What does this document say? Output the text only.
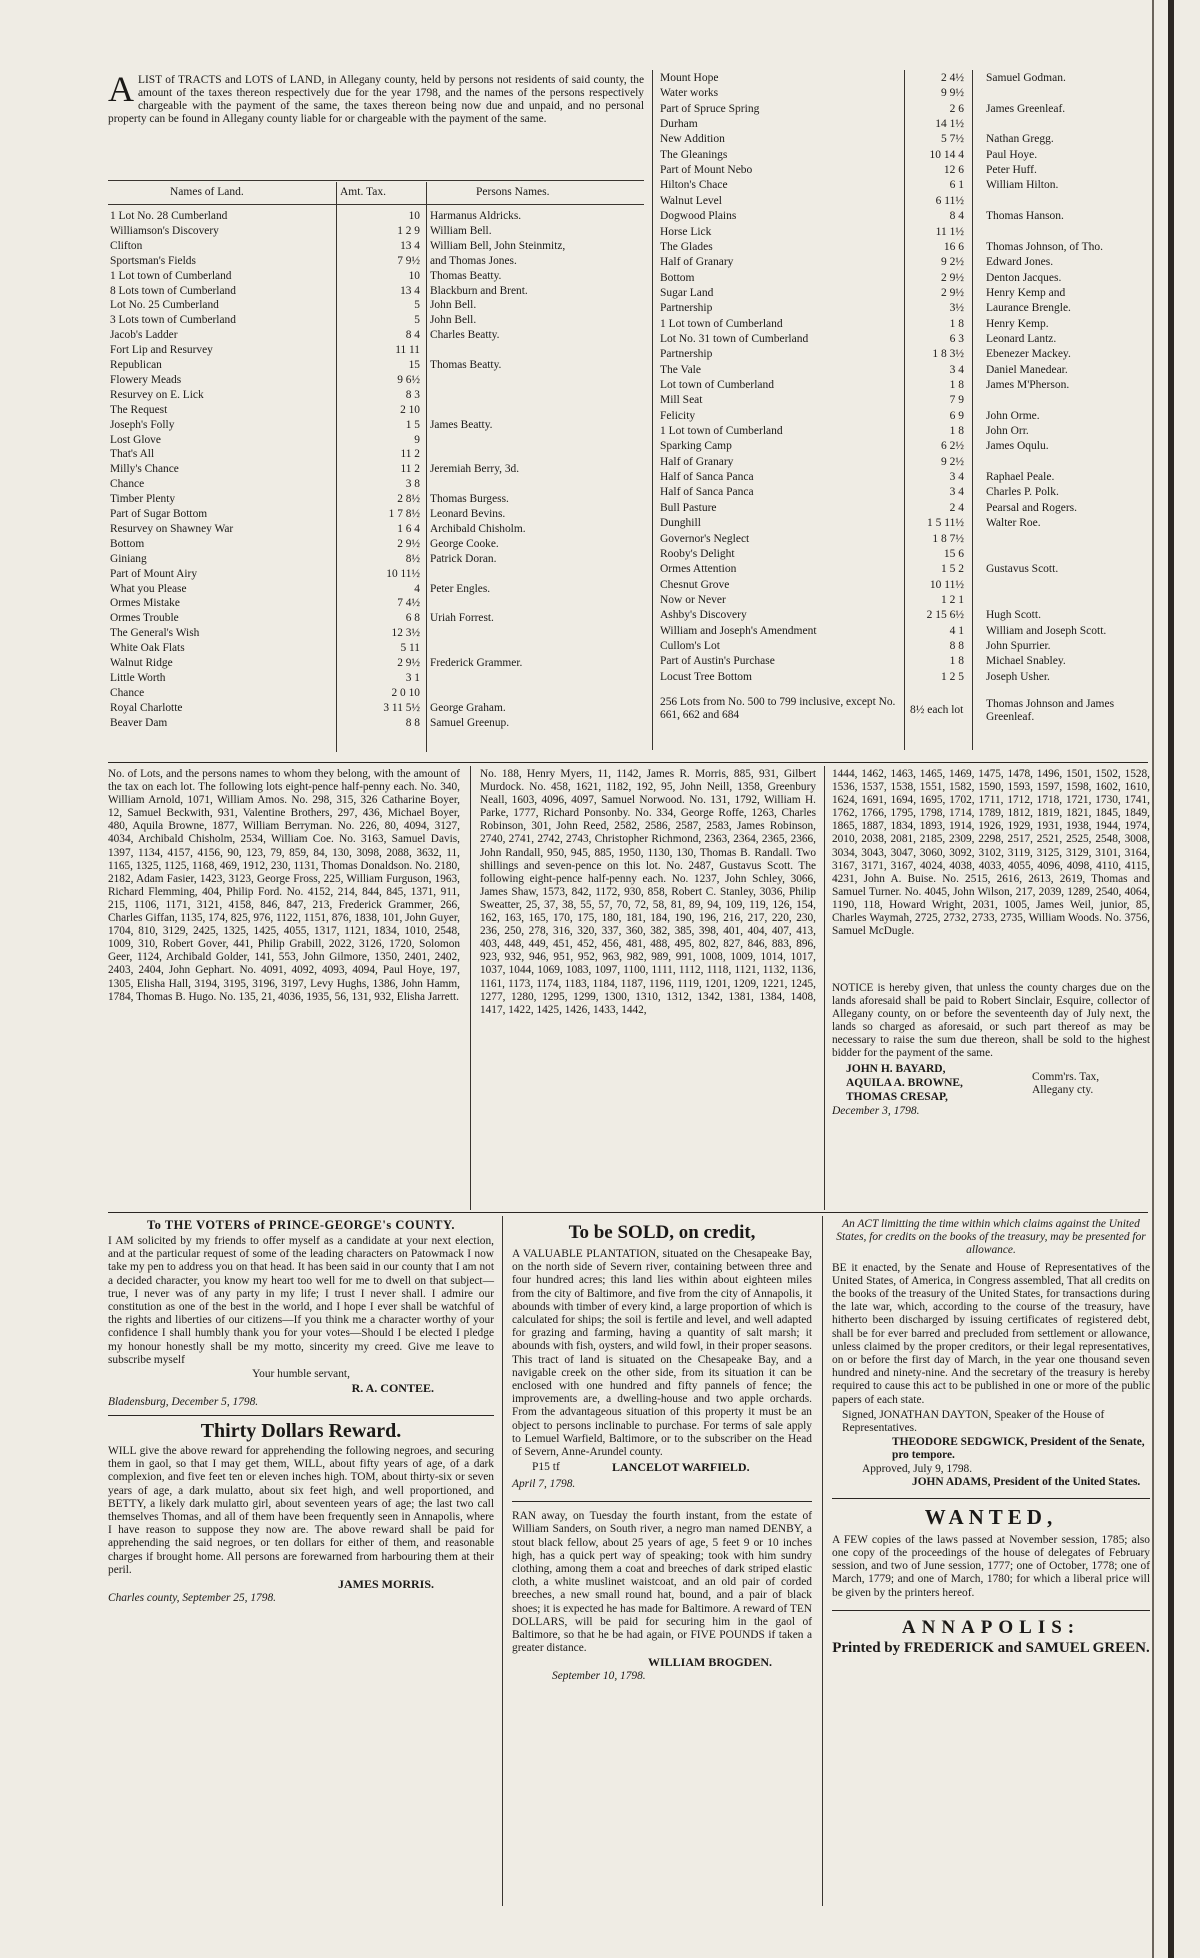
A LIST of TRACTS and LOTS of LAND, in Allegany county, held by persons not residents of said county, the amount of the taxes thereon respectively due for the year 1798, and the names of the persons respectively chargeable with the payment of the same, the taxes thereon being now due and unpaid, and no personal property can be found in Allegany county liable for or chargeable with the payment of the same.
Names of Land.	Amt. Tax.	Persons Names.
1 Lot No. 28 Cumberland	10 Harmanus Aldricks.
Williamson's Discovery	1 2 9 William Bell.
Clifton	13 4 William Bell, John Steinmitz,
Sportsman's Fields	7 9½ and Thomas Jones.
1 Lot town of Cumberland	10 Thomas Beatty.
8 Lots town of Cumberland	13 4 Blackburn and Brent.
Lot No. 25 Cumberland	5 John Bell.
3 Lots town of Cumberland	5 John Bell.
Jacob's Ladder	8 4 Charles Beatty.
Fort Lip and Resurvey	11 11
Republican	15 Thomas Beatty.
Flowery Meads	9 6½
Resurvey on E. Lick	8 3
The Request	2 10
Joseph's Folly	1 5 James Beatty.
Lost Glove	9
That's All	11 2
Milly's Chance	11 2 Jeremiah Berry, 3d.
Chance	3 8
Timber Plenty	2 8½ Thomas Burgess.
Part of Sugar Bottom	1 7 8½ Leonard Bevins.
Resurvey on Shawney War	1 6 4 Archibald Chisholm.
Bottom	2 9½ George Cooke.
Giniang	8½ Patrick Doran.
Part of Mount Airy	10 11½
What you Please	4 Peter Engles.
Ormes Mistake	7 4½
Ormes Trouble	6 8 Uriah Forrest.
The General's Wish	12 3½
White Oak Flats	5 11
Walnut Ridge	2 9½ Frederick Grammer.
Little Worth	3 1
Chance	2 0 10
Royal Charlotte	3 11 5½ George Graham.
Beaver Dam	8 8 Samuel Greenup.
Mount Hope	2 4½ Samuel Godman.
Water works	9 9½
Part of Spruce Spring	2 6 James Greenleaf.
Durham	14 1½
New Addition	5 7½ Nathan Gregg.
The Gleanings	10 14 4 Paul Hoye.
Part of Mount Nebo	12 6 Peter Huff.
Hilton's Chace	6 1 William Hilton.
Walnut Level	6 11½
Dogwood Plains	8 4 Thomas Hanson.
Horse Lick	11 1½
The Glades	16 6 Thomas Johnson, of Tho.
Half of Granary	9 2½ Edward Jones.
Bottom	2 9½ Denton Jacques.
Sugar Land	2 9½ Henry Kemp and
Partnership	3½ Laurance Brengle.
1 Lot town of Cumberland	1 8 Henry Kemp.
Lot No. 31 town of Cumberland	6 3 Leonard Lantz.
Partnership	1 8 3½ Ebenezer Mackey.
The Vale	3 4 Daniel Manedear.
Lot town of Cumberland	1 8 James M'Pherson.
Mill Seat	7 9
Felicity	6 9 John Orme.
1 Lot town of Cumberland	1 8 John Orr.
Sparking Camp	6 2½ James Oqulu.
Half of Granary	9 2½
Half of Sanca Panca	3 4 Raphael Peale.
Half of Sanca Panca	3 4 Charles P. Polk.
Bull Pasture	2 4 Pearsal and Rogers.
Dunghill	1 5 11½ Walter Roe.
Governor's Neglect	1 8 7½
Rooby's Delight	15 6
Ormes Attention	1 5 2 Gustavus Scott.
Chesnut Grove	10 11½
Now or Never	1 2 1
Ashby's Discovery	2 15 6½ Hugh Scott.
William and Joseph's Amendment	4 1 William and Joseph Scott.
Cullom's Lot	8 8 John Spurrier.
Part of Austin's Purchase	1 8 Michael Snabley.
Locust Tree Bottom	1 2 5 Joseph Usher.
256 Lots from No. 500 to 799 inclusive, except No. 661, 662 and 684	8½ each lot	Thomas Johnson and James Greenleaf.
No. of Lots, and the persons names to whom they belong, with the amount of the tax on each lot. The following lots eight-pence half-penny each. No. 340, William Arnold, 1071, William Amos. No. 298, 315, 326 Catharine Boyer, 12, Samuel Beckwith, 931, Valentine Brothers, 297, 436, Michael Boyer, 480, Aquila Browne, 1877, William Berryman. No. 226, 80, 4094, 3127, 4034, Archibald Chisholm, 2534, William Coe. No. 3163, Samuel Davis, 1397, 1134, 4157, 4156, 90, 123, 79, 859, 84, 130, 3098, 2088, 3632, 11, 1165, 1325, 1125, 1168, 469, 1912, 230, 1131, Thomas Donaldson. No. 2180, 2182, Adam Fasier, 1423, 3123, George Fross, 225, William Furguson, 1963, Richard Flemming, 404, Philip Ford. No. 4152, 214, 844, 845, 1371, 911, 215, 1106, 1171, 3121, 4158, 846, 847, 213, Frederick Grammer, 266, Charles Giffan, 1135, 174, 825, 976, 1122, 1151, 876, 1838, 101, John Guyer, 1704, 810, 3129, 2425, 1325, 1425, 4055, 1317, 1121, 1834, 1010, 2548, 1009, 310, Robert Gover, 441, Philip Grabill, 2022, 3126, 1720, Solomon Geer, 1124, Archibald Golder, 141, 553, John Gilmore, 1350, 2401, 2402, 2403, 2404, John Gephart. No. 4091, 4092, 4093, 4094, Paul Hoye, 197, 1305, Elisha Hall, 3194, 3195, 3196, 3197, Levy Hughs, 1386, John Hamm, 1784, Thomas B. Hugo. No. 135, 21, 4036, 1935, 56, 131, 932, Elisha Jarrett.
No. 188, Henry Myers, 11, 1142, James R. Morris, 885, 931, Gilbert Murdock. No. 458, 1621, 1182, 192, 95, John Neill, 1358, Greenbury Neall, 1603, 4096, 4097, Samuel Norwood. No. 131, 1792, William H. Parke, 1777, Richard Ponsonby. No. 334, George Roffe, 1263, Charles Robinson, 301, John Reed, 2582, 2586, 2587, 2583, James Robinson, 2740, 2741, 2742, 2743, Christopher Richmond, 2363, 2364, 2365, 2366, John Randall, 950, 945, 885, 1950, 1130, 130, Thomas B. Randall. Two shillings and seven-pence on this lot. No. 2487, Gustavus Scott. The following eight-pence half-penny each. No. 1237, John Schley, 3066, James Shaw, 1573, 842, 1172, 930, 858, Robert C. Stanley, 3036, Philip Sweatter, 25, 37, 38, 55, 57, 70, 72, 58, 81, 89, 94, 109, 119, 126, 154, 162, 163, 165, 170, 175, 180, 181, 184, 190, 196, 216, 217, 220, 230, 236, 250, 278, 316, 320, 337, 360, 382, 385, 398, 401, 404, 407, 413, 403, 448, 449, 451, 452, 456, 481, 488, 495, 802, 827, 846, 883, 896, 923, 932, 946, 951, 952, 963, 982, 989, 991, 1008, 1009, 1014, 1017, 1037, 1044, 1069, 1083, 1097, 1100, 1111, 1112, 1118, 1121, 1132, 1136, 1161, 1173, 1174, 1183, 1184, 1187, 1196, 1119, 1201, 1209, 1221, 1245, 1277, 1280, 1295, 1299, 1300, 1310, 1312, 1342, 1381, 1384, 1408, 1417, 1422, 1425, 1426, 1433, 1442,
1444, 1462, 1463, 1465, 1469, 1475, 1478, 1496, 1501, 1502, 1528, 1536, 1537, 1538, 1551, 1582, 1590, 1593, 1597, 1598, 1602, 1610, 1624, 1691, 1694, 1695, 1702, 1711, 1712, 1718, 1721, 1730, 1741, 1762, 1766, 1795, 1798, 1714, 1789, 1812, 1819, 1821, 1845, 1849, 1865, 1887, 1834, 1893, 1914, 1926, 1929, 1931, 1938, 1944, 1974, 2010, 2038, 2081, 2185, 2309, 2298, 2517, 2521, 2525, 2548, 3008, 3034, 3043, 3047, 3060, 3092, 3102, 3119, 3125, 3129, 3101, 3164, 3167, 3171, 3167, 4024, 4038, 4033, 4055, 4096, 4098, 4110, 4115, 4231, John A. Buise. No. 2515, 2616, 2613, 2619, Thomas and Samuel Turner. No. 4045, John Wilson, 217, 2039, 1289, 2540, 4064, 1190, 118, Howard Wright, 2031, 1005, James Weil, junior, 85, Charles Waymah, 2725, 2732, 2733, 2735, William Woods. No. 3756, Samuel McDugle.
NOTICE is hereby given, that unless the county charges due on the lands aforesaid shall be paid to Robert Sinclair, Esquire, collector of Allegany county, on or before the seventeenth day of July next, the lands so charged as aforesaid, or such part thereof as may be necessary to raise the sum due thereon, shall be sold to the highest bidder for the payment of the same.
JOHN H. BAYARD,
AQUILA A. BROWNE,
THOMAS CRESAP,
Comm'rs. Tax, Allegany cty.
December 3, 1798.
To THE VOTERS of PRINCE-GEORGE's COUNTY.
I AM solicited by my friends to offer myself as a candidate at your next election, and at the particular request of some of the leading characters on Patowmack I now take my pen to address you on that head. It has been said in our county that I am not a decided character, you know my heart too well for me to dwell on that subject—true, I never was of any party in my life; I trust I never shall. I admire our constitution as one of the best in the world, and I hope I ever shall be watchful of the rights and liberties of our citizens—If you think me a character worthy of your confidence I shall humbly thank you for your votes—Should I be elected I pledge my honour honestly shall be my motto, sincerity my creed. Give me leave to subscribe myself
Your humble servant,
R. A. CONTEE.
Bladensburg, December 5, 1798.
Thirty Dollars Reward.
WILL give the above reward for apprehending the following negroes, and securing them in gaol, so that I may get them, WILL, about fifty years of age, of a dark complexion, and five feet ten or eleven inches high. TOM, about thirty-six or seven years of age, a dark mulatto, about six feet high, and well proportioned, and BETTY, a likely dark mulatto girl, about seventeen years of age; the last two call themselves Thomas, and all of them have been frequently seen in Annapolis, where I have reason to suppose they now are. The above reward shall be paid for apprehending the said negroes, or ten dollars for either of them, and reasonable charges if brought home. All persons are forewarned from harbouring them at their peril.
JAMES MORRIS.
Charles county, September 25, 1798.
To be SOLD, on credit,
A VALUABLE PLANTATION, situated on the Chesapeake Bay, on the north side of Severn river, containing between three and four hundred acres; this land lies within about eighteen miles from the city of Baltimore, and five from the city of Annapolis, it abounds with timber of every kind, a large proportion of which is calculated for ships; the soil is fertile and level, and well adapted for grazing and farming, having a quantity of salt marsh; it abounds with fish, oysters, and wild fowl, in their proper seasons. This tract of land is situated on the Chesapeake Bay, and a navigable creek on the other side, from its situation it can be enclosed with one hundred and fifty pannels of fence; the improvements are, a dwelling-house and two apple orchards. From the advantageous situation of this property it must be an object to persons inclinable to purchase. For terms of sale apply to Lemuel Warfield, Baltimore, or to the subscriber on the Head of Severn, Anne-Arundel county.
P15 tf	LANCELOT WARFIELD.
April 7, 1798.
RAN away, on Tuesday the fourth instant, from the estate of William Sanders, on South river, a negro man named DENBY, a stout black fellow, about 25 years of age, 5 feet 9 or 10 inches high, has a quick pert way of speaking; took with him sundry clothing, among them a coat and breeches of dark striped elastic cloth, a white muslinet waistcoat, and an old pair of corded breeches, a new small round hat, bound, and a pair of black shoes; it is expected he has made for Baltimore. A reward of TEN DOLLARS, will be paid for securing him in the gaol of Baltimore, so that he be had again, or FIVE POUNDS if taken a greater distance.
WILLIAM BROGDEN.
September 10, 1798.
An ACT limitting the time within which claims against the United States, for credits on the books of the treasury, may be presented for allowance.
BE it enacted, by the Senate and House of Representatives of the United States, of America, in Congress assembled, That all credits on the books of the treasury of the United States, for transactions during the late war, which, according to the course of the treasury, have hitherto been discharged by issuing certificates of registered debt, shall be for ever barred and precluded from settlement or allowance, unless claimed by the proper creditors, or their legal representatives, on or before the first day of March, in the year one thousand seven hundred and ninety-nine. And the secretary of the treasury is hereby required to cause this act to be published in one or more of the public papers of each state.
Signed, JONATHAN DAYTON, Speaker of the House of Representatives.
THEODORE SEDGWICK, President of the Senate, pro tempore.
Approved, July 9, 1798.
JOHN ADAMS, President of the United States.
WANTED,
A FEW copies of the laws passed at November session, 1785; also one copy of the proceedings of the house of delegates of February session, and two of June session, 1777; one of October, 1778; one of March, 1779; and one of March, 1780; for which a liberal price will be given by the printers hereof.
ANNAPOLIS:
Printed by FREDERICK and SAMUEL GREEN.
